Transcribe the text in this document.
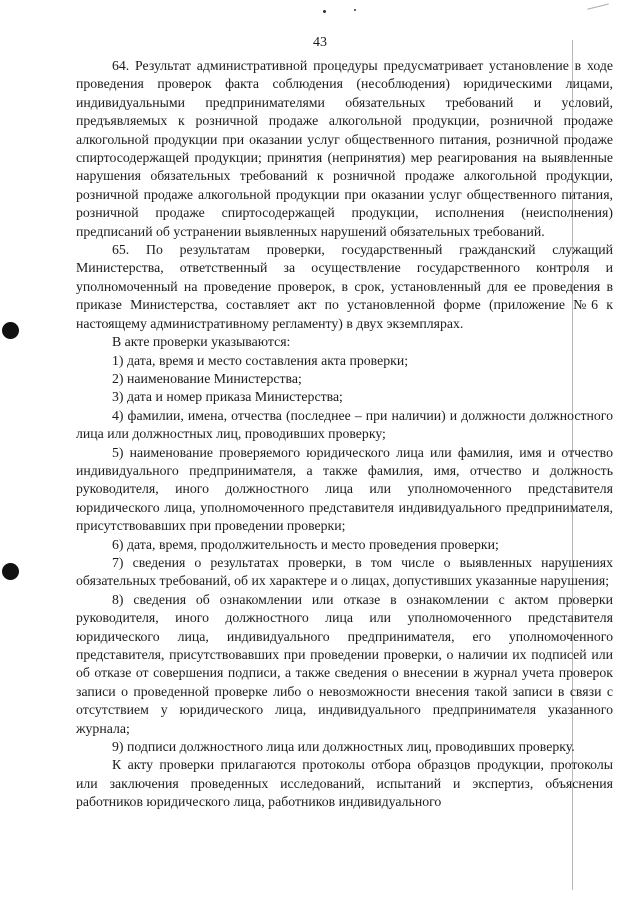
43

64. Результат административной процедуры предусматривает установление в ходе проведения проверок факта соблюдения (несоблюдения) юридическими лицами, индивидуальными предпринимателями обязательных требований и условий, предъявляемых к розничной продаже алкогольной продукции, розничной продаже алкогольной продукции при оказании услуг общественного питания, розничной продаже спиртосодержащей продукции; принятия (непринятия) мер реагирования на выявленные нарушения обязательных требований к розничной продаже алкогольной продукции, розничной продаже алкогольной продукции при оказании услуг общественного питания, розничной продаже спиртосодержащей продукции, исполнения (неисполнения) предписаний об устранении выявленных нарушений обязательных требований.

65. По результатам проверки, государственный гражданский служащий Министерства, ответственный за осуществление государственного контроля и уполномоченный на проведение проверок, в срок, установленный для ее проведения в приказе Министерства, составляет акт по установленной форме (приложение №6 к настоящему административному регламенту) в двух экземплярах.

В акте проверки указываются:

1) дата, время и место составления акта проверки;

2) наименование Министерства;

3) дата и номер приказа Министерства;

4) фамилии, имена, отчества (последнее – при наличии) и должности должностного лица или должностных лиц, проводивших проверку;

5) наименование проверяемого юридического лица или фамилия, имя и отчество индивидуального предпринимателя, а также фамилия, имя, отчество и должность руководителя, иного должностного лица или уполномоченного представителя юридического лица, уполномоченного представителя индивидуального предпринимателя, присутствовавших при проведении проверки;

6) дата, время, продолжительность и место проведения проверки;

7) сведения о результатах проверки, в том числе о выявленных нарушениях обязательных требований, об их характере и о лицах, допустивших указанные нарушения;

8) сведения об ознакомлении или отказе в ознакомлении с актом проверки руководителя, иного должностного лица или уполномоченного представителя юридического лица, индивидуального предпринимателя, его уполномоченного представителя, присутствовавших при проведении проверки, о наличии их подписей или об отказе от совершения подписи, а также сведения о внесении в журнал учета проверок записи о проведенной проверке либо о невозможности внесения такой записи в связи с отсутствием у юридического лица, индивидуального предпринимателя указанного журнала;

9) подписи должностного лица или должностных лиц, проводивших проверку.

К акту проверки прилагаются протоколы отбора образцов продукции, протоколы или заключения проведенных исследований, испытаний и экспертиз, объяснения работников юридического лица, работников индивидуального
